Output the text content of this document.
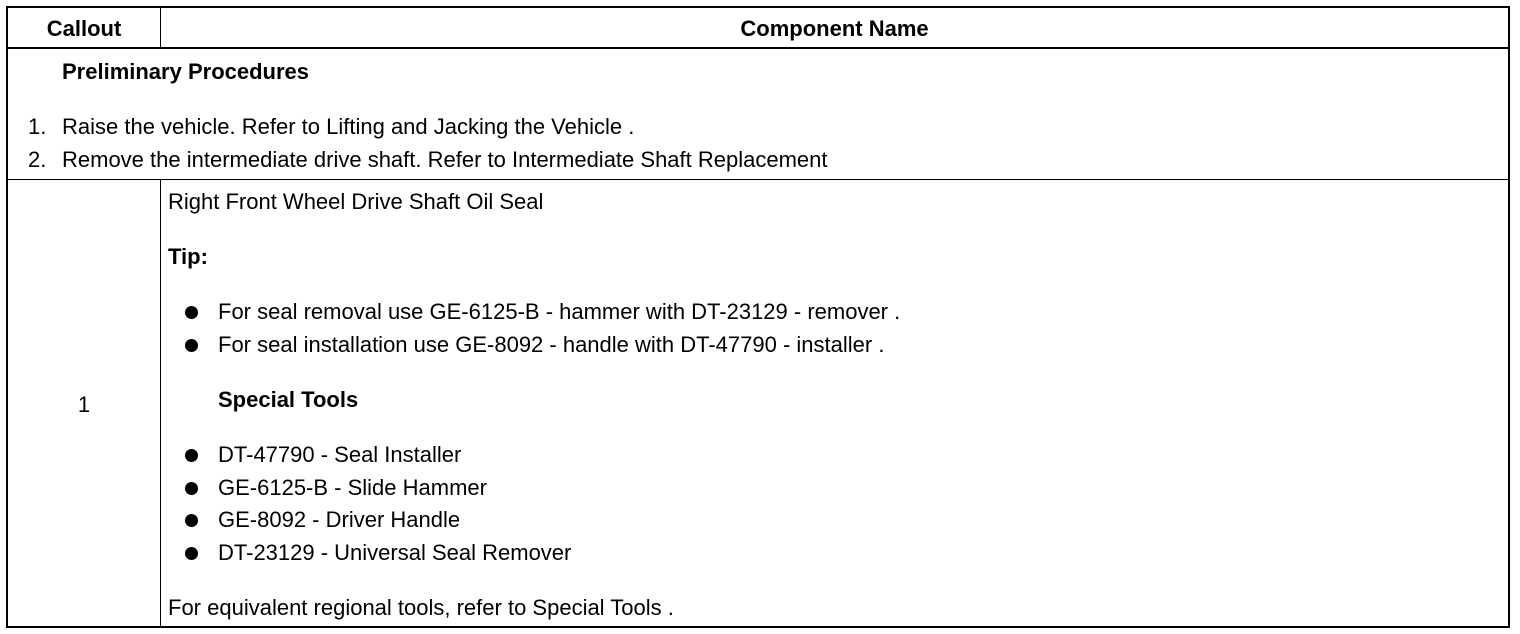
Callout	Component Name
Preliminary Procedures
1. Raise the vehicle. Refer to Lifting and Jacking the Vehicle .
2. Remove the intermediate drive shaft. Refer to Intermediate Shaft Replacement
1
Right Front Wheel Drive Shaft Oil Seal
Tip:
For seal removal use GE-6125-B - hammer with DT-23129 - remover .
For seal installation use GE-8092 - handle with DT-47790 - installer .
Special Tools
DT-47790 - Seal Installer
GE-6125-B - Slide Hammer
GE-8092 - Driver Handle
DT-23129 - Universal Seal Remover
For equivalent regional tools, refer to Special Tools .
